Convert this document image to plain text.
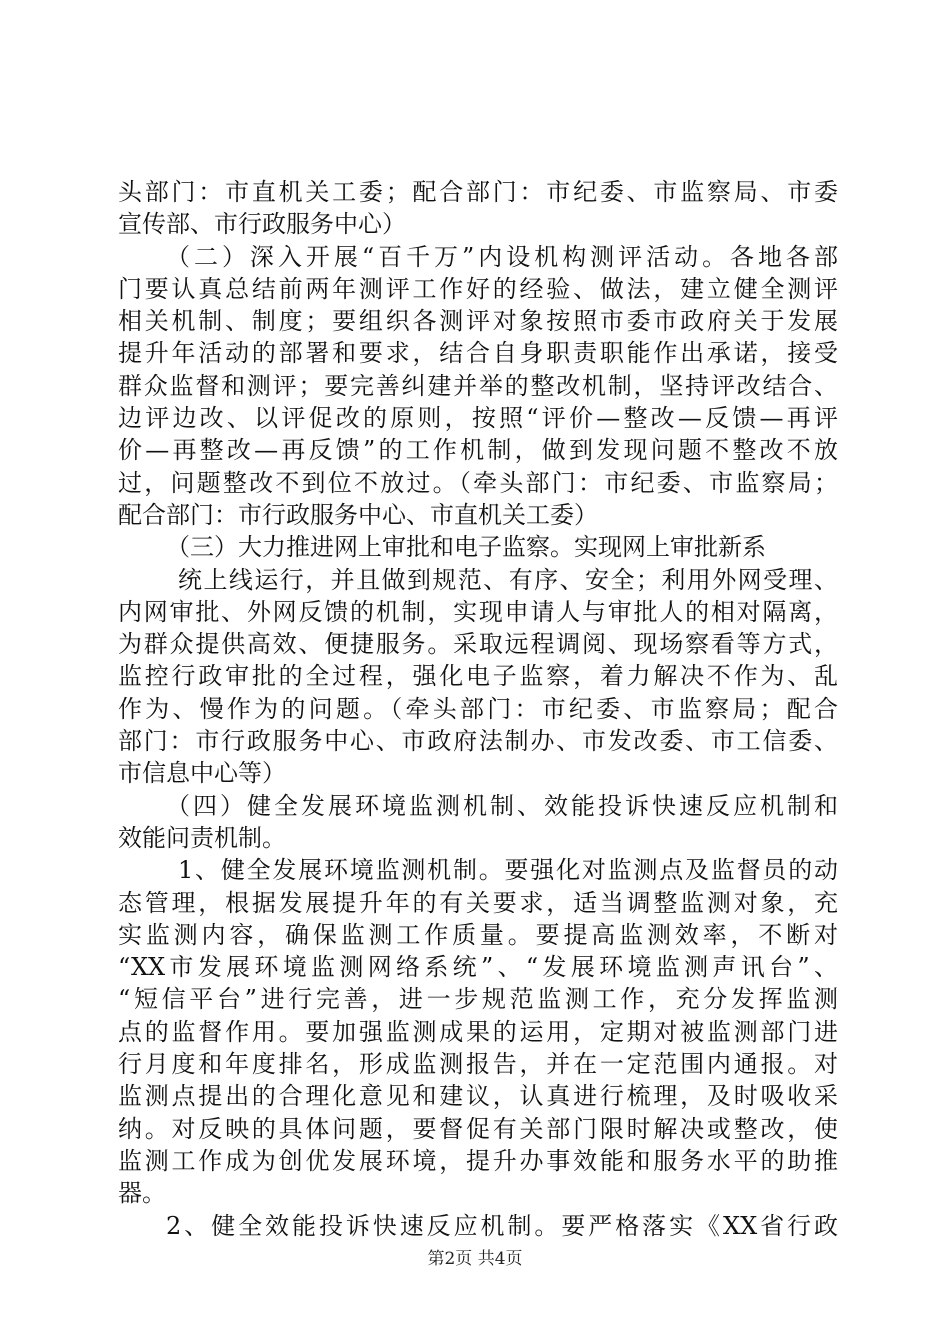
头部门：市直机关工委；配合部门：市纪委、市监察局、市委
宣传部、市行政服务中心）
（二）深入开展“百千万”内设机构测评活动。各地各部
门要认真总结前两年测评工作好的经验、做法，建立健全测评
相关机制、制度；要组织各测评对象按照市委市政府关于发展
提升年活动的部署和要求，结合自身职责职能作出承诺，接受
群众监督和测评；要完善纠建并举的整改机制，坚持评改结合、
边评边改、以评促改的原则，按照“评价—整改—反馈—再评
价—再整改—再反馈”的工作机制，做到发现问题不整改不放
过，问题整改不到位不放过。（牵头部门：市纪委、市监察局；
配合部门：市行政服务中心、市直机关工委）
（三）大力推进网上审批和电子监察。实现网上审批新系
统上线运行，并且做到规范、有序、安全；利用外网受理、
内网审批、外网反馈的机制，实现申请人与审批人的相对隔离，
为群众提供高效、便捷服务。采取远程调阅、现场察看等方式，
监控行政审批的全过程，强化电子监察，着力解决不作为、乱
作为、慢作为的问题。（牵头部门：市纪委、市监察局；配合
部门：市行政服务中心、市政府法制办、市发改委、市工信委、
市信息中心等）
（四）健全发展环境监测机制、效能投诉快速反应机制和
效能问责机制。
1、健全发展环境监测机制。要强化对监测点及监督员的动
态管理，根据发展提升年的有关要求，适当调整监测对象，充
实监测内容，确保监测工作质量。要提高监测效率，不断对
“XX市发展环境监测网络系统”、“发展环境监测声讯台”、
“短信平台”进行完善，进一步规范监测工作，充分发挥监测
点的监督作用。要加强监测成果的运用，定期对被监测部门进
行月度和年度排名，形成监测报告，并在一定范围内通报。对
监测点提出的合理化意见和建议，认真进行梳理，及时吸收采
纳。对反映的具体问题，要督促有关部门限时解决或整改，使
监测工作成为创优发展环境，提升办事效能和服务水平的助推
器。
2、健全效能投诉快速反应机制。要严格落实《XX省行政
第2页 共4页
